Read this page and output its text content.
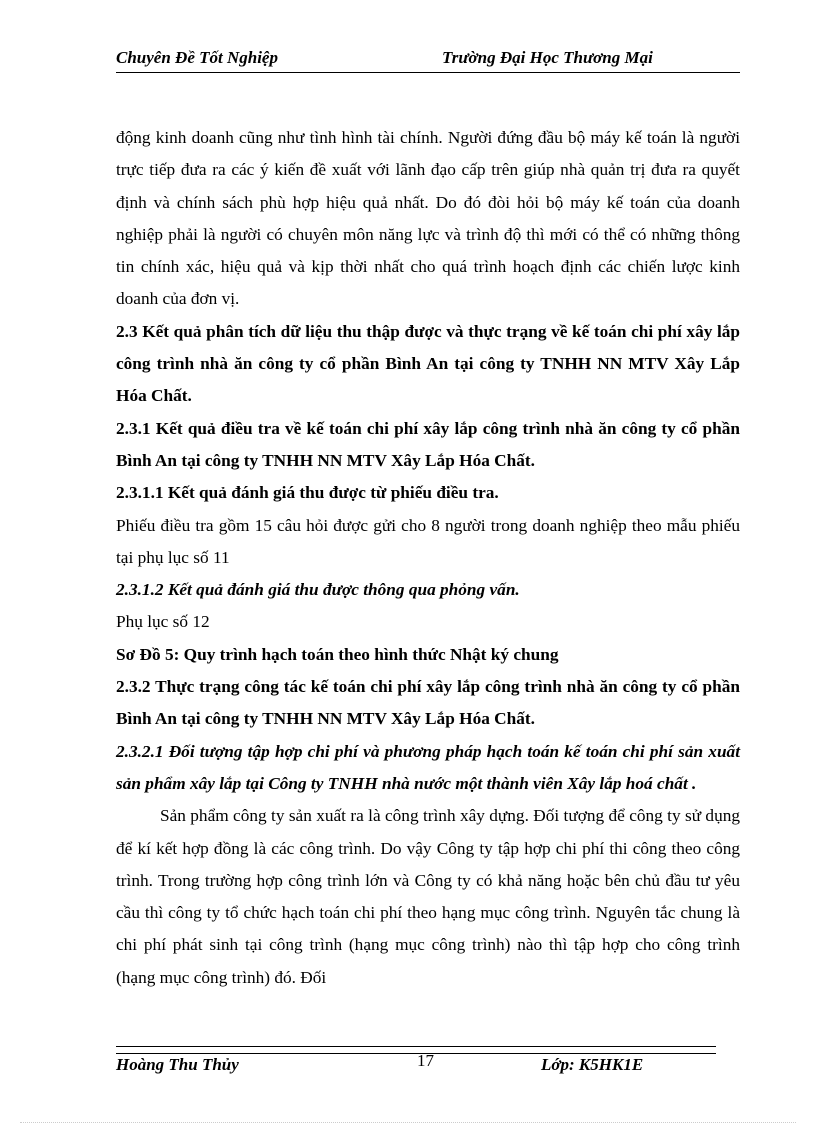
Chuyên Đề Tốt Nghiệp	Trường Đại Học Thương Mại

động kinh doanh cũng như tình hình tài chính. Người đứng đầu bộ máy kế toán là người trực tiếp đưa ra các ý kiến đề xuất với lãnh đạo cấp trên giúp nhà quản trị đưa ra quyết định và chính sách phù hợp hiệu quả nhất. Do đó đòi hỏi bộ máy kế toán của doanh nghiệp phải là người có chuyên môn năng lực và trình độ thì mới có thể có những thông tin chính xác, hiệu quả và kịp thời nhất cho quá trình hoạch định các chiến lược kinh doanh của đơn vị.

2.3 Kết quả phân tích dữ liệu thu thập được và thực trạng về kế toán chi phí xây lắp công trình nhà ăn công ty cổ phần Bình An tại công ty TNHH NN MTV Xây Lắp Hóa Chất.

2.3.1 Kết quả điều tra về kế toán chi phí xây lắp công trình nhà ăn công ty cổ phần Bình An tại công ty TNHH NN MTV Xây Lắp Hóa Chất.

2.3.1.1 Kết quả đánh giá thu được từ phiếu điều tra.

Phiếu điều tra gồm 15 câu hỏi được gửi cho 8 người trong doanh nghiệp theo mẫu phiếu tại phụ lục số 11

2.3.1.2 Kết quả đánh giá thu được thông qua phỏng vấn.

Phụ lục số 12

Sơ Đồ 5: Quy trình hạch toán theo hình thức Nhật ký chung

2.3.2 Thực trạng công tác kế toán chi phí xây lắp công trình nhà ăn công ty cổ phần Bình An tại công ty TNHH NN MTV Xây Lắp Hóa Chất.

2.3.2.1 Đối tượng tập hợp chi phí và phương pháp hạch toán kế toán chi phí sản xuất sản phẩm xây lắp tại Công ty TNHH nhà nước một thành viên Xây lắp hoá chất .

Sản phẩm công ty sản xuất ra là công trình xây dựng. Đối tượng để công ty sử dụng để kí kết hợp đồng là các công trình. Do vậy Công ty tập hợp chi phí thi công theo công trình. Trong trường hợp công trình lớn và Công ty có khả năng hoặc bên chủ đầu tư yêu cầu thì công ty tổ chức hạch toán chi phí theo hạng mục công trình. Nguyên tắc chung là chi phí phát sinh tại công trình (hạng mục công trình) nào thì tập hợp cho công trình (hạng mục công trình) đó. Đối

Hoàng Thu Thủy	17	Lớp: K5HK1E
